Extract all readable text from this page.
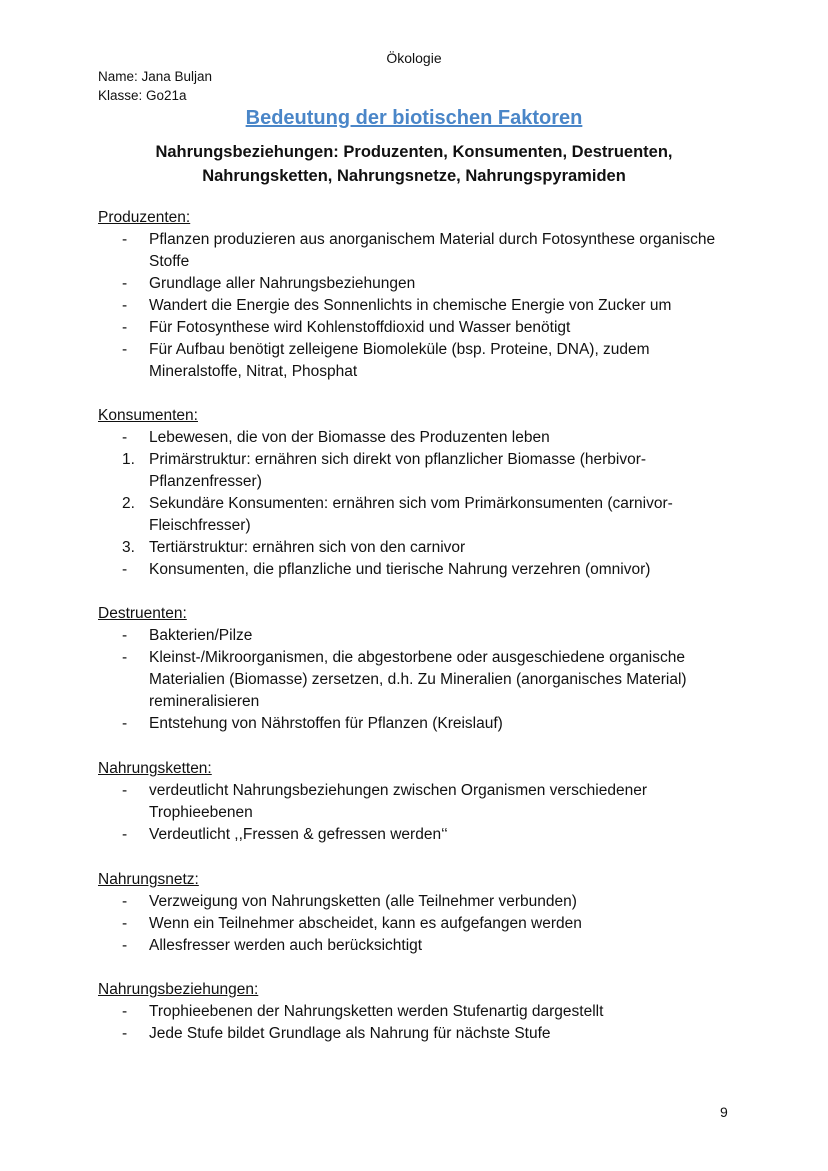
Ökologie
Name: Jana Buljan
Klasse: Go21a
Bedeutung der biotischen Faktoren
Nahrungsbeziehungen: Produzenten, Konsumenten, Destruenten,
Nahrungsketten, Nahrungsnetze, Nahrungspyramiden
Produzenten:
-	Pflanzen produzieren aus anorganischem Material durch Fotosynthese organische Stoffe
-	Grundlage aller Nahrungsbeziehungen
-	Wandert die Energie des Sonnenlichts in chemische Energie von Zucker um
-	Für Fotosynthese wird Kohlenstoffdioxid und Wasser benötigt
-	Für Aufbau benötigt zelleigene Biomoleküle (bsp. Proteine, DNA), zudem Mineralstoffe, Nitrat, Phosphat
Konsumenten:
-	Lebewesen, die von der Biomasse des Produzenten leben
1. Primärstruktur: ernähren sich direkt von pflanzlicher Biomasse (herbivor-Pflanzenfresser)
2. Sekundäre Konsumenten: ernähren sich vom Primärkonsumenten (carnivor-Fleischfresser)
3. Tertiärstruktur: ernähren sich von den carnivor
-	Konsumenten, die pflanzliche und tierische Nahrung verzehren (omnivor)
Destruenten:
-	Bakterien/Pilze
-	Kleinst-/Mikroorganismen, die abgestorbene oder ausgeschiedene organische Materialien (Biomasse) zersetzen, d.h. Zu Mineralien (anorganisches Material) remineralisieren
-	Entstehung von Nährstoffen für Pflanzen (Kreislauf)
Nahrungsketten:
-	verdeutlicht Nahrungsbeziehungen zwischen Organismen verschiedener Trophieebenen
-	Verdeutlicht ,,Fressen & gefressen werden‘‘
Nahrungsnetz:
-	Verzweigung von Nahrungsketten (alle Teilnehmer verbunden)
-	Wenn ein Teilnehmer abscheidet, kann es aufgefangen werden
-	Allesfresser werden auch berücksichtigt
Nahrungsbeziehungen:
-	Trophieebenen der Nahrungsketten werden Stufenartig dargestellt
-	Jede Stufe bildet Grundlage als Nahrung für nächste Stufe
9
